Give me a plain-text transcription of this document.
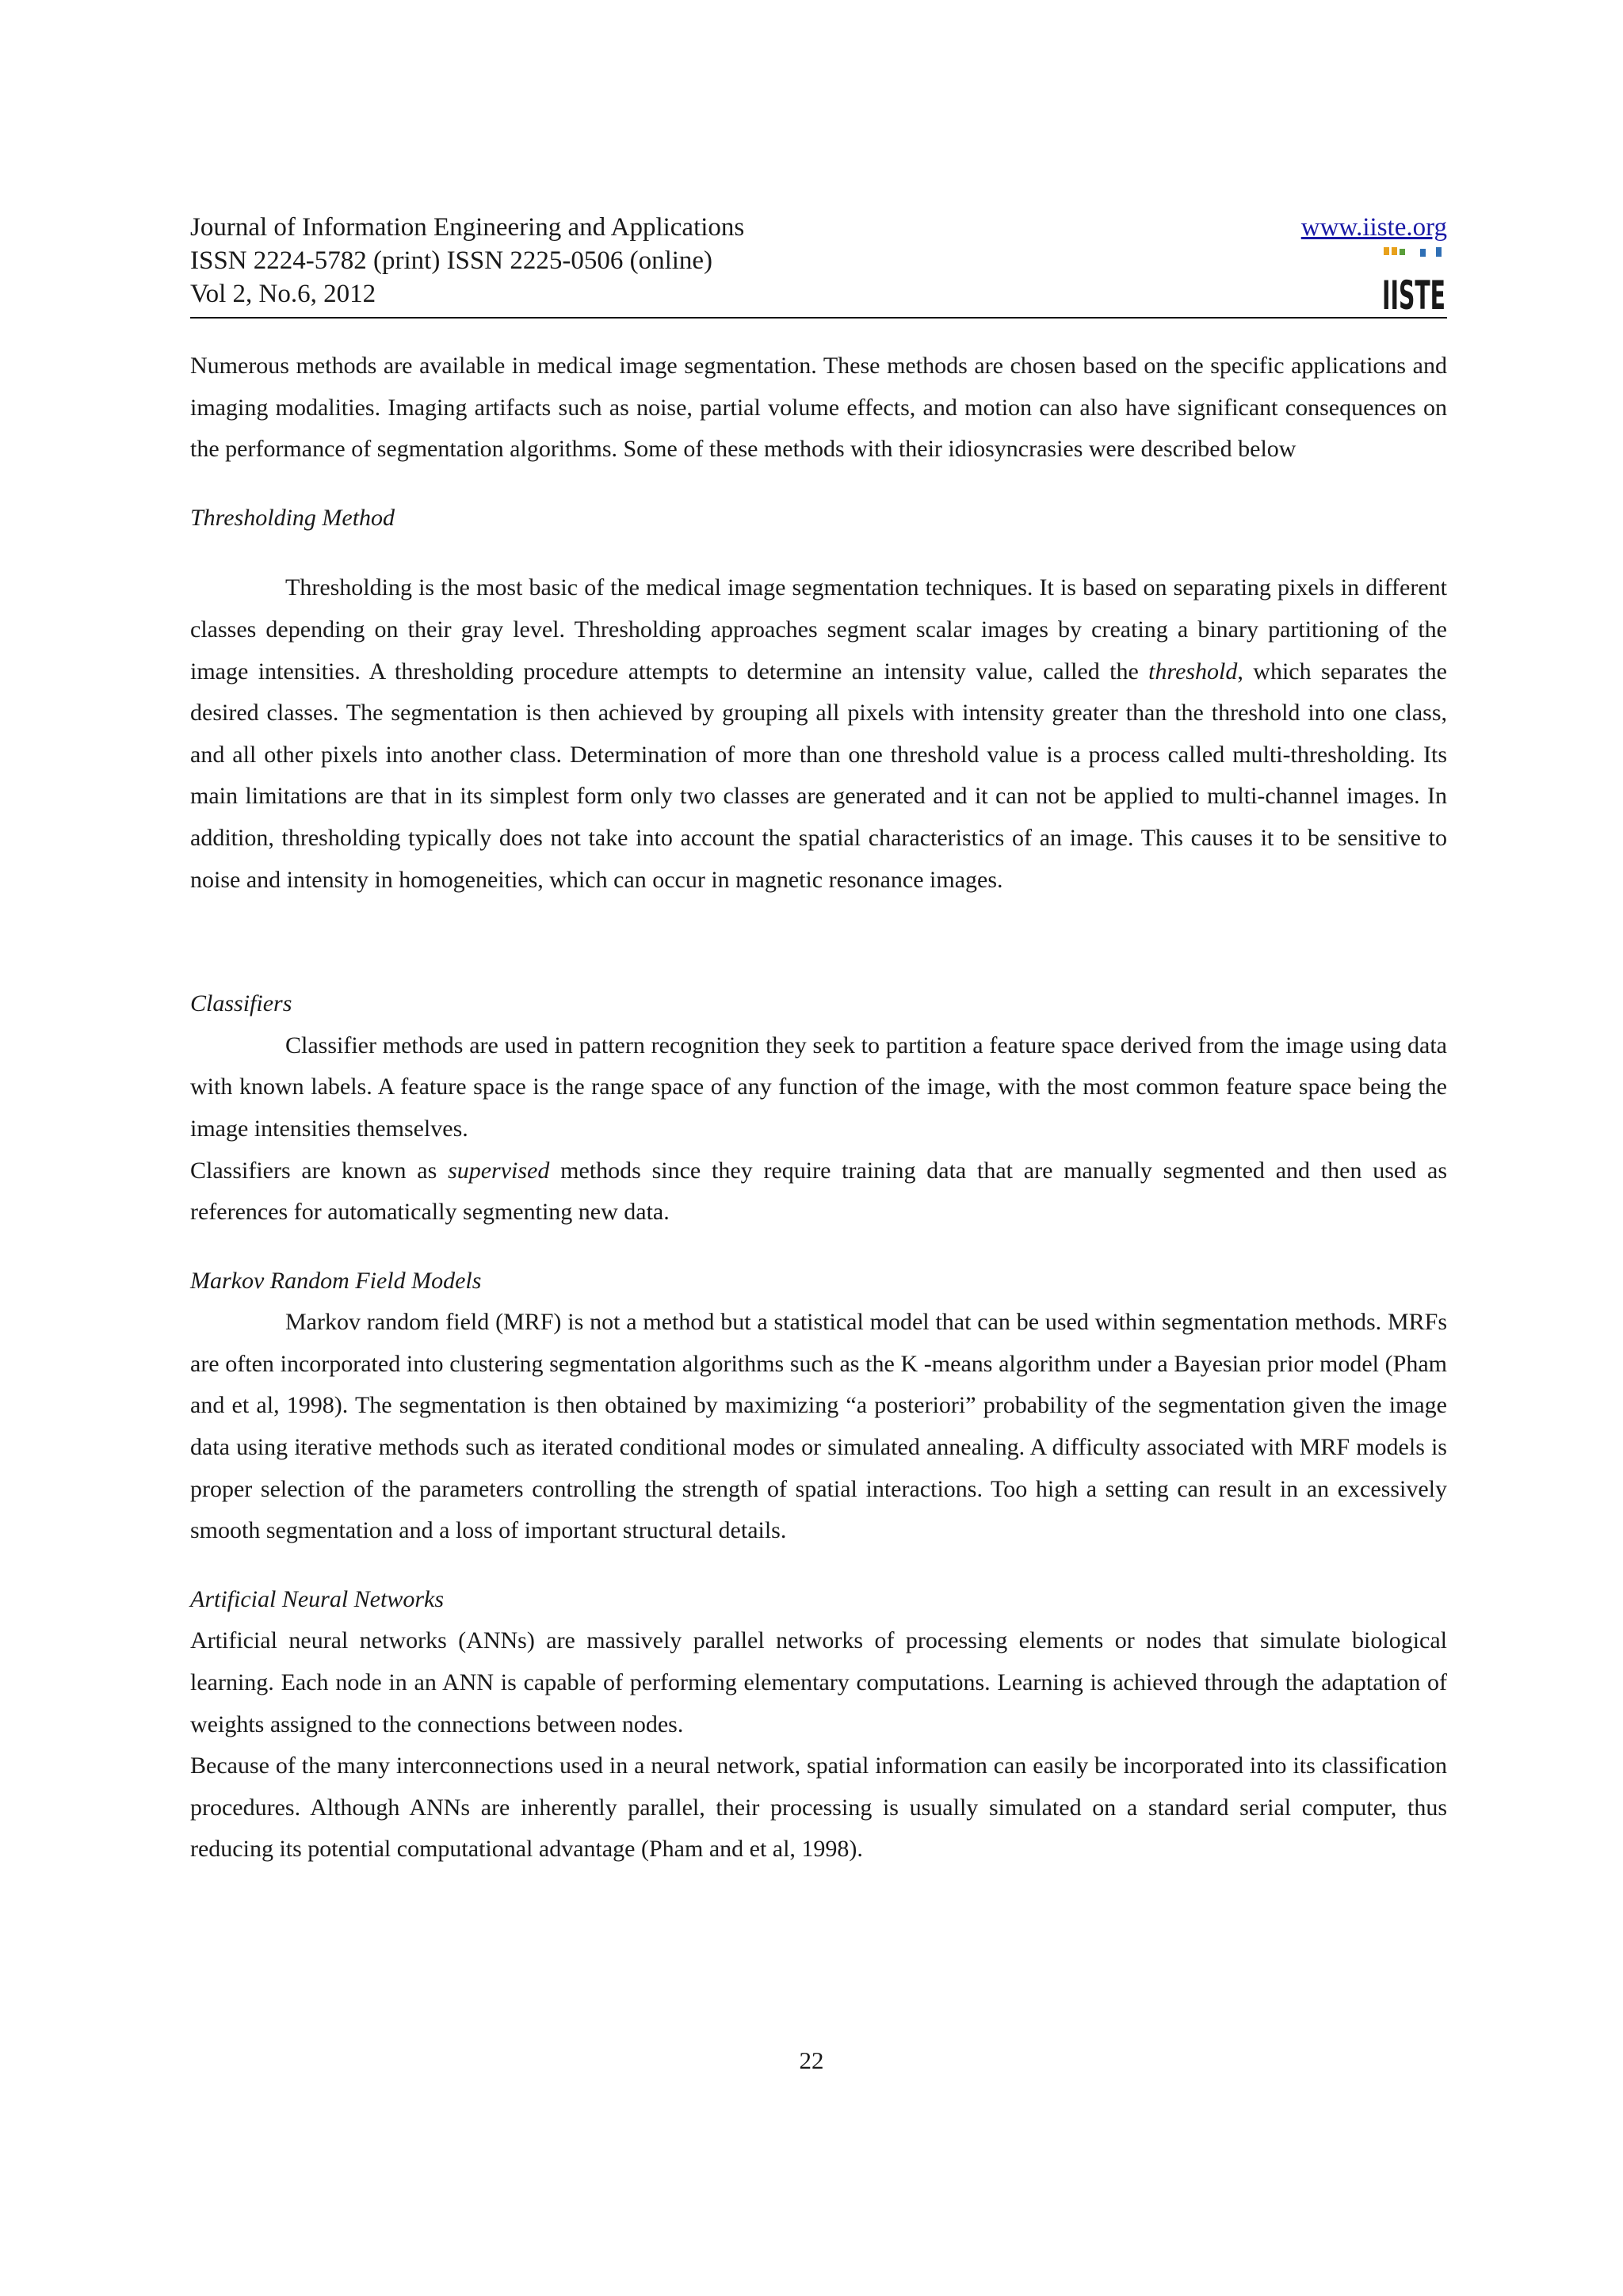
Journal of Information Engineering and Applications

ISSN 2224-5782 (print) ISSN 2225-0506 (online)

Vol 2, No.6, 2012

www.iiste.org
IISTE

Numerous methods are available in medical image segmentation. These methods are chosen based on the specific applications and imaging modalities. Imaging artifacts such as noise, partial volume effects, and motion can also have significant consequences on the performance of segmentation algorithms. Some of these methods with their idiosyncrasies were described below

Thresholding Method

Thresholding is the most basic of the medical image segmentation techniques. It is based on separating pixels in different classes depending on their gray level. Thresholding approaches segment scalar images by creating a binary partitioning of the image intensities. A thresholding procedure attempts to determine an intensity value, called the threshold, which separates the desired classes. The segmentation is then achieved by grouping all pixels with intensity greater than the threshold into one class, and all other pixels into another class. Determination of more than one threshold value is a process called multi-thresholding. Its main limitations are that in its simplest form only two classes are generated and it can not be applied to multi-channel images. In addition, thresholding typically does not take into account the spatial characteristics of an image. This causes it to be sensitive to noise and intensity in homogeneities, which can occur in magnetic resonance images.

Classifiers

Classifier methods are used in pattern recognition they seek to partition a feature space derived from the image using data with known labels. A feature space is the range space of any function of the image, with the most common feature space being the image intensities themselves.

Classifiers are known as supervised methods since they require training data that are manually segmented and then used as references for automatically segmenting new data.

Markov Random Field Models

Markov random field (MRF) is not a method but a statistical model that can be used within segmentation methods. MRFs are often incorporated into clustering segmentation algorithms such as the K -means algorithm under a Bayesian prior model (Pham and et al, 1998). The segmentation is then obtained by maximizing “a posteriori” probability of the segmentation given the image data using iterative methods such as iterated conditional modes or simulated annealing. A difficulty associated with MRF models is proper selection of the parameters controlling the strength of spatial interactions. Too high a setting can result in an excessively smooth segmentation and a loss of important structural details.

Artificial Neural Networks

Artificial neural networks (ANNs) are massively parallel networks of processing elements or nodes that simulate biological learning. Each node in an ANN is capable of performing elementary computations. Learning is achieved through the adaptation of weights assigned to the connections between nodes.

Because of the many interconnections used in a neural network, spatial information can easily be incorporated into its classification procedures. Although ANNs are inherently parallel, their processing is usually simulated on a standard serial computer, thus reducing its potential computational advantage (Pham and et al, 1998).

22
